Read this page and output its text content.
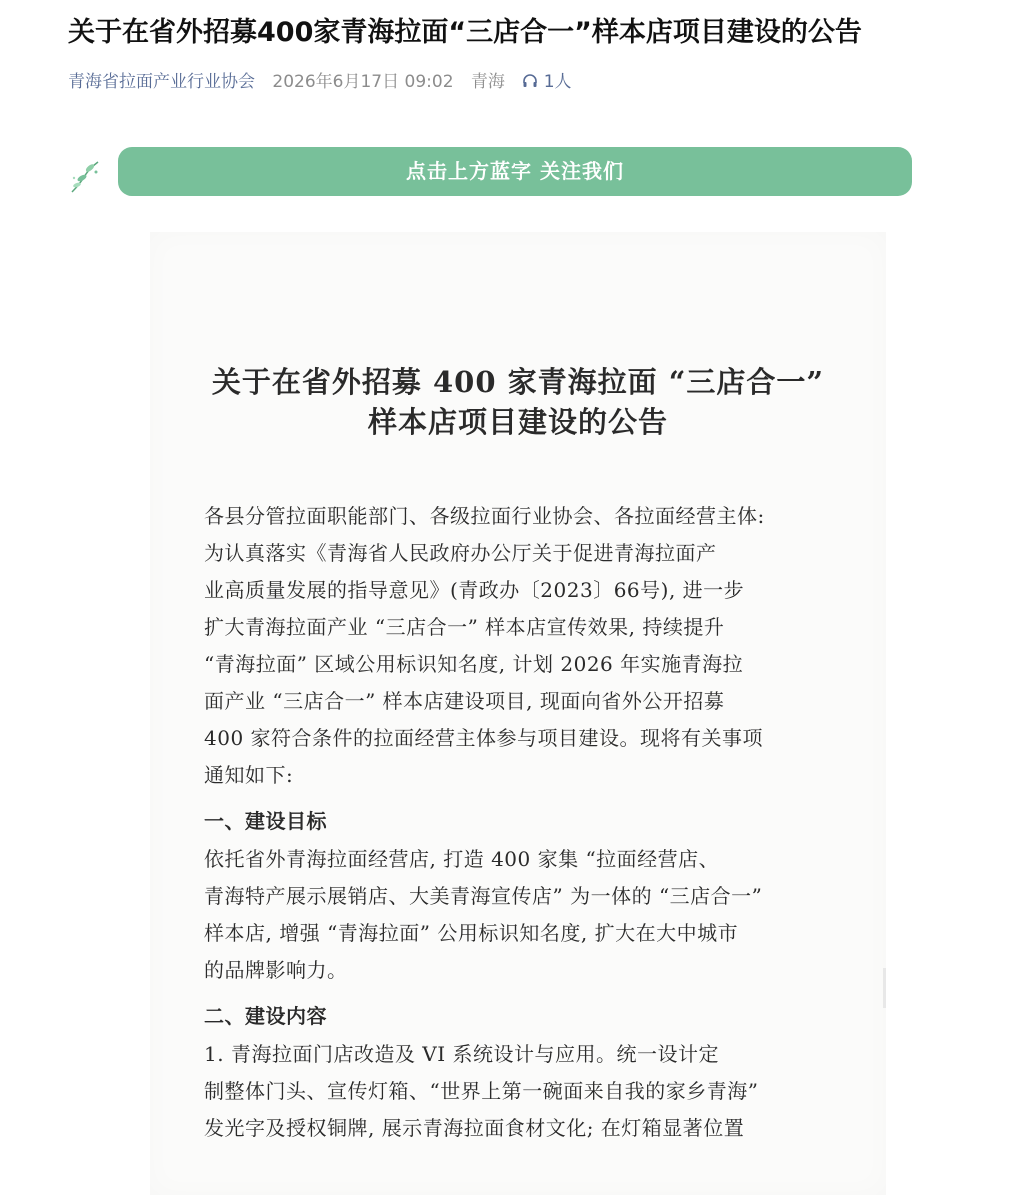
关于在省外招募400家青海拉面“三店合一”样本店项目建设的公告
青海省拉面产业行业协会 2026年6月17日 09:02 青海 1人
点击上方蓝字 关注我们
关于在省外招募 400 家青海拉面 “三店合一”
样本店项目建设的公告
各县分管拉面职能部门、各级拉面行业协会、各拉面经营主体:
为认真落实《青海省人民政府办公厅关于促进青海拉面产
业高质量发展的指导意见》(青政办〔2023〕66号), 进一步
扩大青海拉面产业 “三店合一” 样本店宣传效果, 持续提升
“青海拉面” 区域公用标识知名度, 计划 2026 年实施青海拉
面产业 “三店合一” 样本店建设项目, 现面向省外公开招募
400 家符合条件的拉面经营主体参与项目建设。现将有关事项
通知如下:
一、建设目标
依托省外青海拉面经营店, 打造 400 家集 “拉面经营店、
青海特产展示展销店、大美青海宣传店” 为一体的 “三店合一”
样本店, 增强 “青海拉面” 公用标识知名度, 扩大在大中城市
的品牌影响力。
二、建设内容
1. 青海拉面门店改造及 VI 系统设计与应用。统一设计定
制整体门头、宣传灯箱、“世界上第一碗面来自我的家乡青海”
发光字及授权铜牌, 展示青海拉面食材文化; 在灯箱显著位置
